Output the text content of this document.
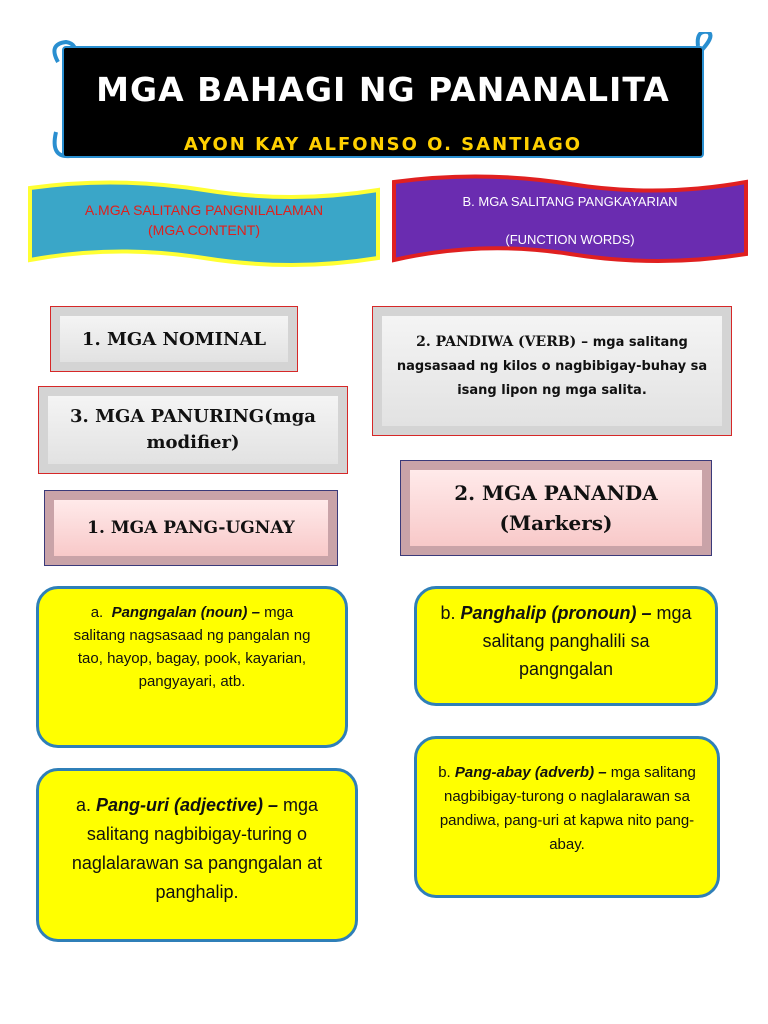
MGA BAHAGI NG PANANALITA
AYON KAY ALFONSO O. SANTIAGO
A.MGA SALITANG PANGNILALAMAN
(MGA CONTENT)
B. MGA SALITANG PANGKAYARIAN
(FUNCTION WORDS)
1. MGA NOMINAL
3. MGA PANURING(mga modifier)
1. MGA PANG-UGNAY
2. PANDIWA (VERB) – mga salitang nagsasaad ng kilos o nagbibigay-buhay sa isang lipon ng mga salita.
2. MGA PANANDA
(Markers)
a. Pangngalan (noun) – mga salitang nagsasaad ng pangalan ng tao, hayop, bagay, pook, kayarian, pangyayari, atb.
b. Panghalip (pronoun) – mga salitang panghalili sa pangngalan
a. Pang-uri (adjective) – mga salitang nagbibigay-turing o naglalarawan sa pangngalan at panghalip.
b. Pang-abay (adverb) – mga salitang nagbibigay-turong o naglalarawan sa pandiwa, pang-uri at kapwa nito pang-abay.
